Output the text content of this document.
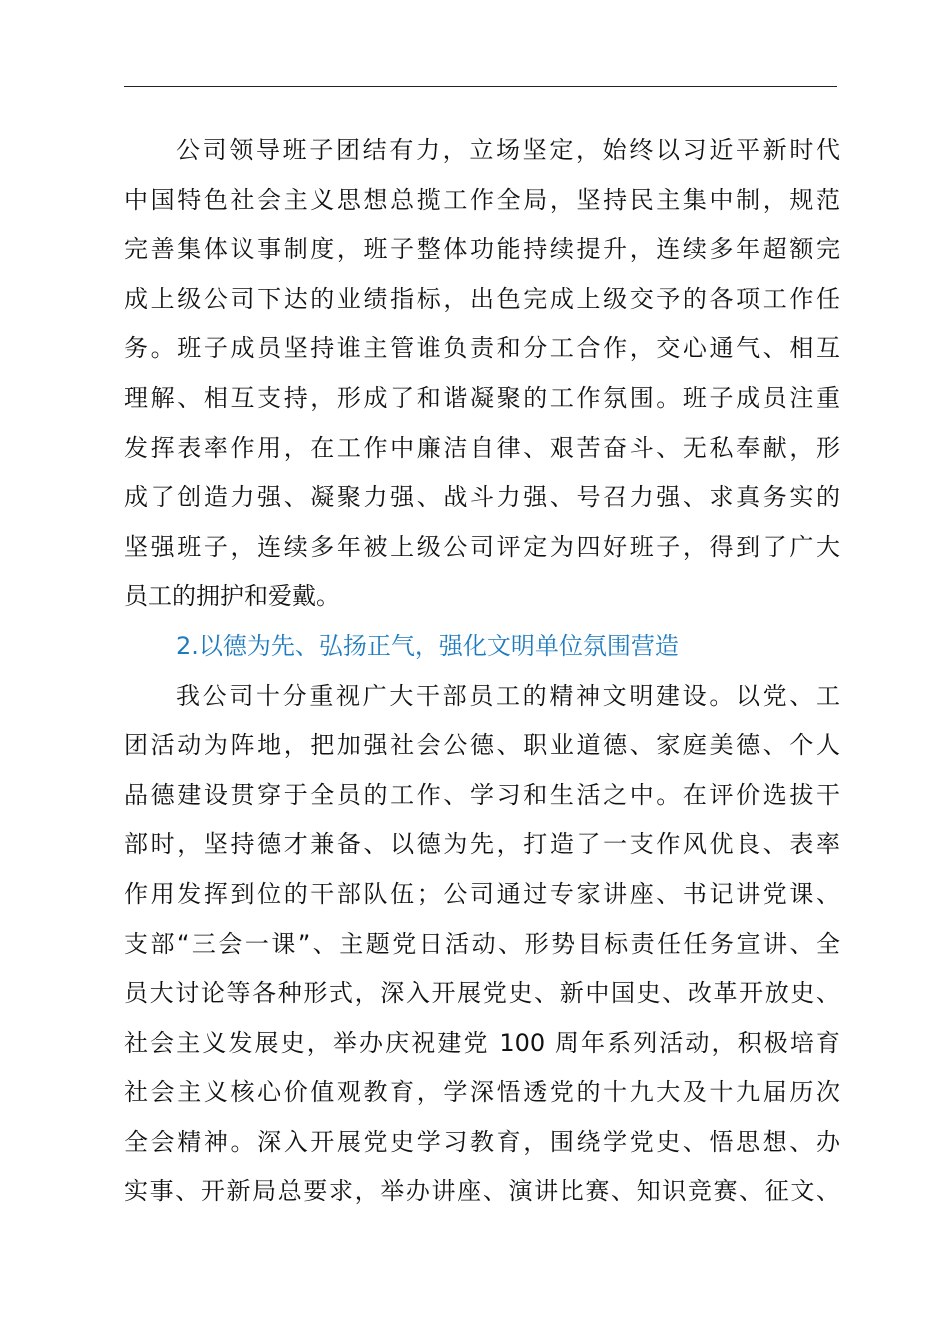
公司领导班子团结有力，立场坚定，始终以习近平新时代
中国特色社会主义思想总揽工作全局，坚持民主集中制，规范
完善集体议事制度，班子整体功能持续提升，连续多年超额完
成上级公司下达的业绩指标，出色完成上级交予的各项工作任
务。班子成员坚持谁主管谁负责和分工合作，交心通气、相互
理解、相互支持，形成了和谐凝聚的工作氛围。班子成员注重
发挥表率作用，在工作中廉洁自律、艰苦奋斗、无私奉献，形
成了创造力强、凝聚力强、战斗力强、号召力强、求真务实的
坚强班子，连续多年被上级公司评定为四好班子，得到了广大
员工的拥护和爱戴。
2.以德为先、弘扬正气，强化文明单位氛围营造
我公司十分重视广大干部员工的精神文明建设。以党、工
团活动为阵地，把加强社会公德、职业道德、家庭美德、个人
品德建设贯穿于全员的工作、学习和生活之中。在评价选拔干
部时，坚持德才兼备、以德为先，打造了一支作风优良、表率
作用发挥到位的干部队伍；公司通过专家讲座、书记讲党课、
支部“三会一课”、主题党日活动、形势目标责任任务宣讲、全
员大讨论等各种形式，深入开展党史、新中国史、改革开放史、
社会主义发展史，举办庆祝建党 100 周年系列活动，积极培育
社会主义核心价值观教育，学深悟透党的十九大及十九届历次
全会精神。深入开展党史学习教育，围绕学党史、悟思想、办
实事、开新局总要求，举办讲座、演讲比赛、知识竞赛、征文、
